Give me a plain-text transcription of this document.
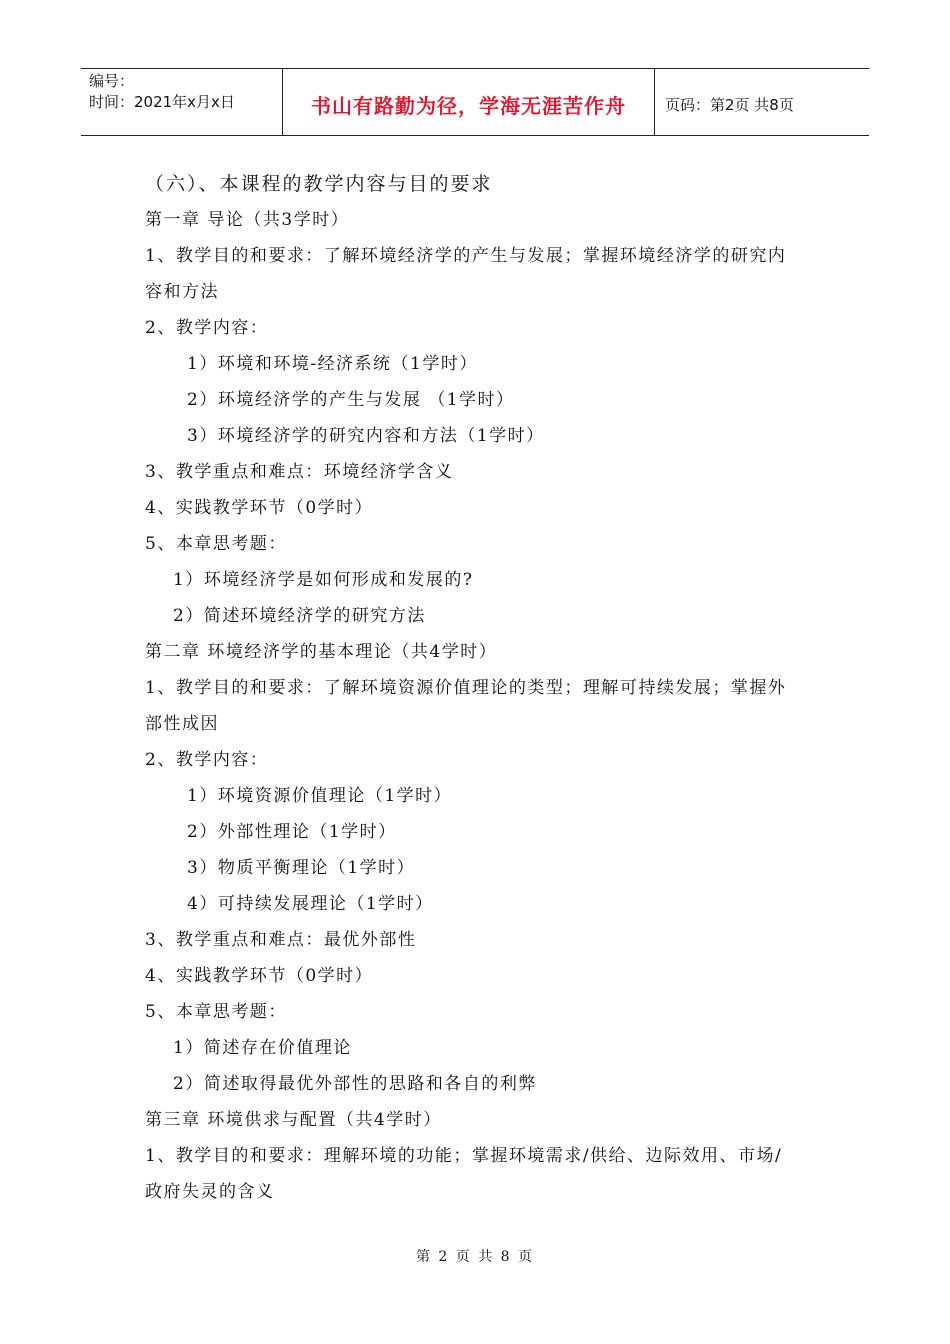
编号：
时间：2021年x月x日	书山有路勤为径，学海无涯苦作舟	页码：第2页 共8页
（六）、本课程的教学内容与目的要求
第一章 导论（共3学时）
1、教学目的和要求：了解环境经济学的产生与发展；掌握环境经济学的研究内
容和方法
2、教学内容：
1）环境和环境-经济系统（1学时）
2）环境经济学的产生与发展 （1学时）
3）环境经济学的研究内容和方法（1学时）
3、教学重点和难点：环境经济学含义
4、实践教学环节（0学时）
5、本章思考题：
1）环境经济学是如何形成和发展的?
2）简述环境经济学的研究方法
第二章 环境经济学的基本理论（共4学时）
1、教学目的和要求：了解环境资源价值理论的类型；理解可持续发展；掌握外
部性成因
2、教学内容：
1）环境资源价值理论（1学时）
2）外部性理论（1学时）
3）物质平衡理论（1学时）
4）可持续发展理论（1学时）
3、教学重点和难点：最优外部性
4、实践教学环节（0学时）
5、本章思考题：
1）简述存在价值理论
2）简述取得最优外部性的思路和各自的利弊
第三章 环境供求与配置（共4学时）
1、教学目的和要求：理解环境的功能；掌握环境需求/供给、边际效用、市场/
政府失灵的含义
第 2 页 共 8 页
